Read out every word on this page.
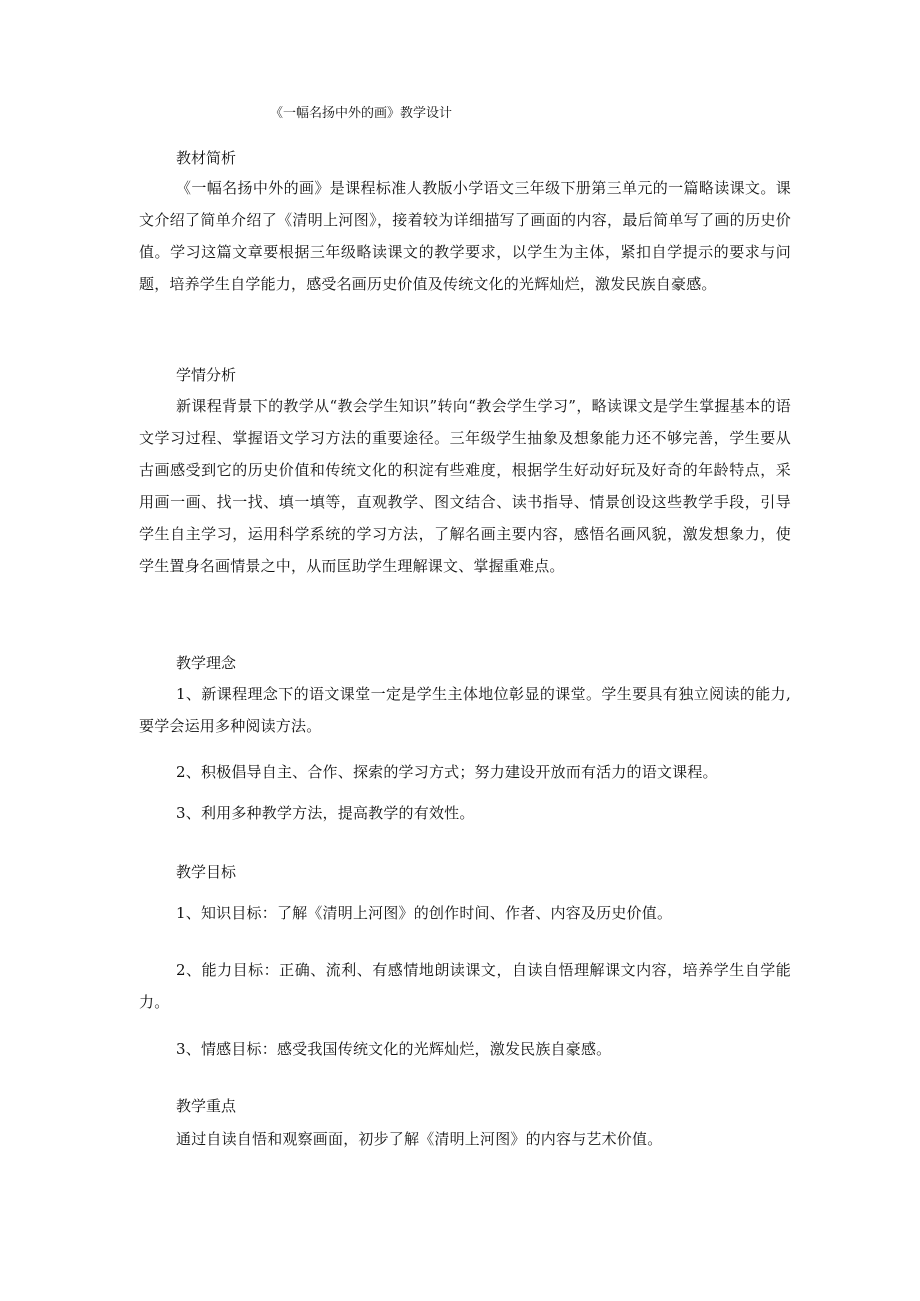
《一幅名扬中外的画》教学设计
教材简析

《一幅名扬中外的画》是课程标准人教版小学语文三年级下册第三单元的一篇略读课文。课文介绍了简单介绍了《清明上河图》，接着较为详细描写了画面的内容，最后简单写了画的历史价值。学习这篇文章要根据三年级略读课文的教学要求，以学生为主体，紧扣自学提示的要求与问题，培养学生自学能力，感受名画历史价值及传统文化的光辉灿烂，激发民族自豪感。

学情分析

新课程背景下的教学从“教会学生知识”转向“教会学生学习”，略读课文是学生掌握基本的语文学习过程、掌握语文学习方法的重要途径。三年级学生抽象及想象能力还不够完善，学生要从古画感受到它的历史价值和传统文化的积淀有些难度，根据学生好动好玩及好奇的年龄特点，采用画一画、找一找、填一填等，直观教学、图文结合、读书指导、情景创设这些教学手段，引导学生自主学习，运用科学系统的学习方法，了解名画主要内容，感悟名画风貌，激发想象力，使学生置身名画情景之中，从而匡助学生理解课文、掌握重难点。

教学理念

1、新课程理念下的语文课堂一定是学生主体地位彰显的课堂。学生要具有独立阅读的能力,要学会运用多种阅读方法。

2、积极倡导自主、合作、探索的学习方式；努力建设开放而有活力的语文课程。

3、利用多种教学方法，提高教学的有效性。

教学目标

1、知识目标：了解《清明上河图》的创作时间、作者、内容及历史价值。

2、能力目标：正确、流利、有感情地朗读课文，自读自悟理解课文内容，培养学生自学能力。

3、情感目标：感受我国传统文化的光辉灿烂，激发民族自豪感。

教学重点

通过自读自悟和观察画面，初步了解《清明上河图》的内容与艺术价值。
